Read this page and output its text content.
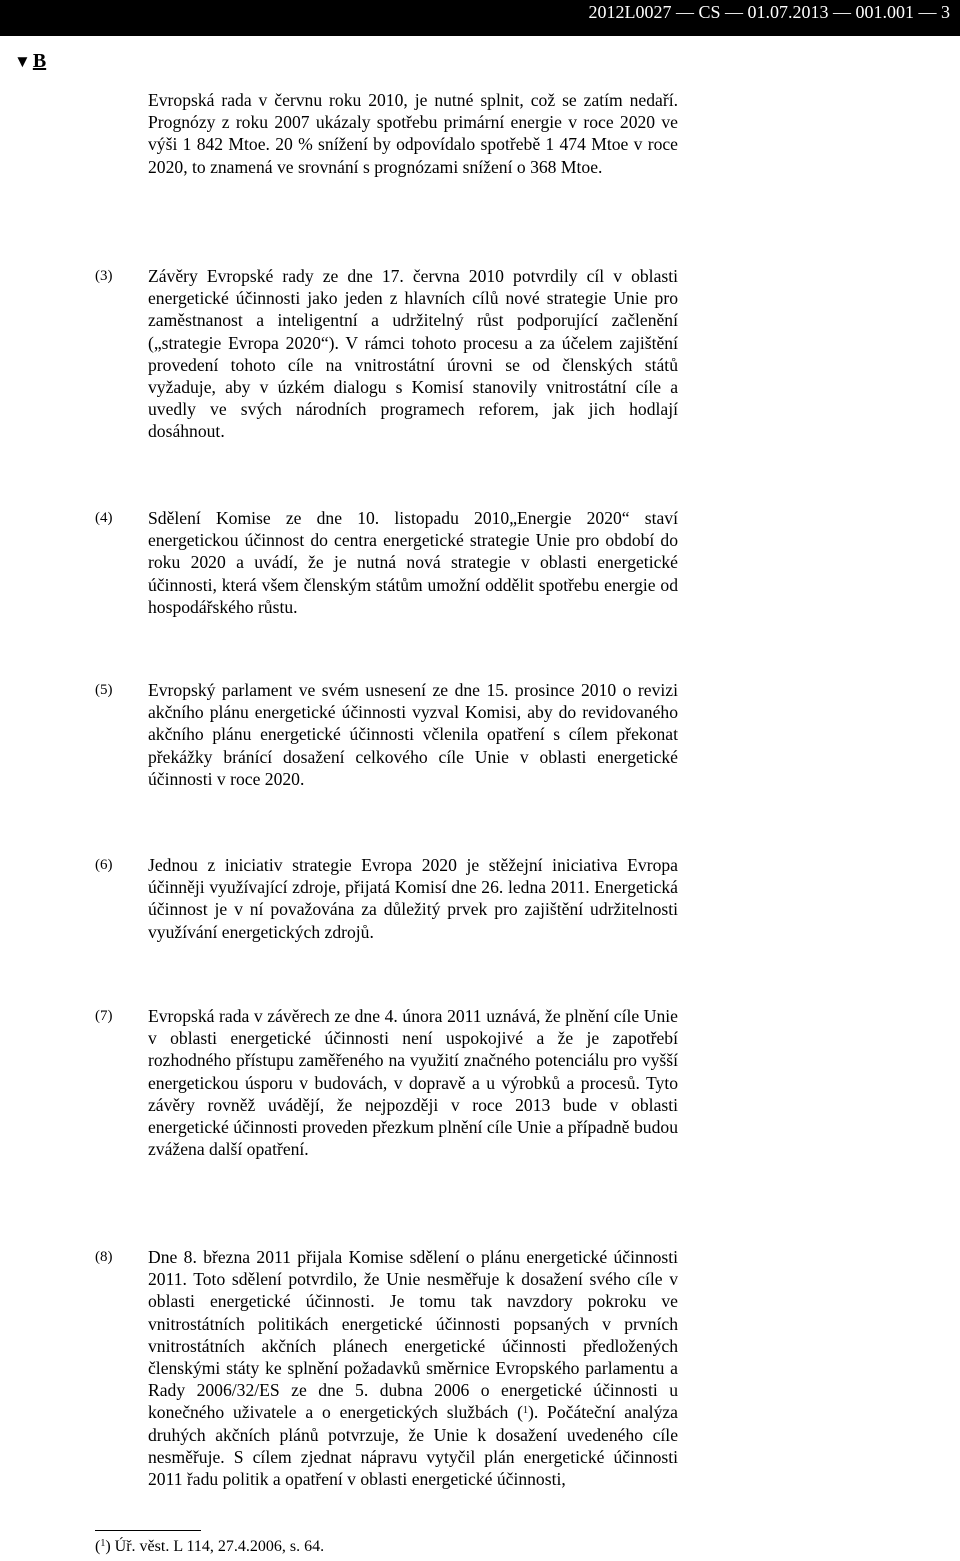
2012L0027 — CS — 01.07.2013 — 001.001 — 3
▼ B
Evropská rada v červnu roku 2010, je nutné splnit, což se zatím nedaří. Prognózy z roku 2007 ukázaly spotřebu primární energie v roce 2020 ve výši 1 842 Mtoe. 20 % snížení by odpovídalo spotřebě 1 474 Mtoe v roce 2020, to znamená ve srovnání s prognózami snížení o 368 Mtoe.
(3) Závěry Evropské rady ze dne 17. června 2010 potvrdily cíl v oblasti energetické účinnosti jako jeden z hlavních cílů nové strategie Unie pro zaměstnanost a inteligentní a udržitelný růst podporující začlenění („strategie Evropa 2020“). V rámci tohoto procesu a za účelem zajištění provedení tohoto cíle na vnitrostátní úrovni se od členských států vyžaduje, aby v úzkém dialogu s Komisí stanovily vnitrostátní cíle a uvedly ve svých národních programech reforem, jak jich hodlají dosáhnout.
(4) Sdělení Komise ze dne 10. listopadu 2010„Energie 2020“ staví energetickou účinnost do centra energetické strategie Unie pro období do roku 2020 a uvádí, že je nutná nová strategie v oblasti energetické účinnosti, která všem členským státům umožní oddělit spotřebu energie od hospodářského růstu.
(5) Evropský parlament ve svém usnesení ze dne 15. prosince 2010 o revizi akčního plánu energetické účinnosti vyzval Komisi, aby do revidovaného akčního plánu energetické účinnosti včlenila opatření s cílem překonat překážky bránící dosažení celkového cíle Unie v oblasti energetické účinnosti v roce 2020.
(6) Jednou z iniciativ strategie Evropa 2020 je stěžejní iniciativa Evropa účinněji využívající zdroje, přijatá Komisí dne 26. ledna 2011. Energetická účinnost je v ní považována za důležitý prvek pro zajištění udržitelnosti využívání energetických zdrojů.
(7) Evropská rada v závěrech ze dne 4. února 2011 uznává, že plnění cíle Unie v oblasti energetické účinnosti není uspokojivé a že je zapotřebí rozhodného přístupu zaměřeného na využití značného potenciálu pro vyšší energetickou úsporu v budovách, v dopravě a u výrobků a procesů. Tyto závěry rovněž uvádějí, že nejpozději v roce 2013 bude v oblasti energetické účinnosti proveden přezkum plnění cíle Unie a případně budou zvážena další opatření.
(8) Dne 8. března 2011 přijala Komise sdělení o plánu energetické účinnosti 2011. Toto sdělení potvrdilo, že Unie nesměřuje k dosažení svého cíle v oblasti energetické účinnosti. Je tomu tak navzdory pokroku ve vnitrostátních politikách energetické účinnosti popsaných v prvních vnitrostátních akčních plánech energetické účinnosti předložených členskými státy ke splnění požadavků směrnice Evropského parlamentu a Rady 2006/32/ES ze dne 5. dubna 2006 o energetické účinnosti u konečného uživatele a o energetických službách ($^1$). Počáteční analýza druhých akčních plánů potvrzuje, že Unie k dosažení uvedeného cíle nesměřuje. S cílem zjednat nápravu vytyčil plán energetické účinnosti 2011 řadu politik a opatření v oblasti energetické účinnosti,
($^1$) Úř. věst. L 114, 27.4.2006, s. 64.
